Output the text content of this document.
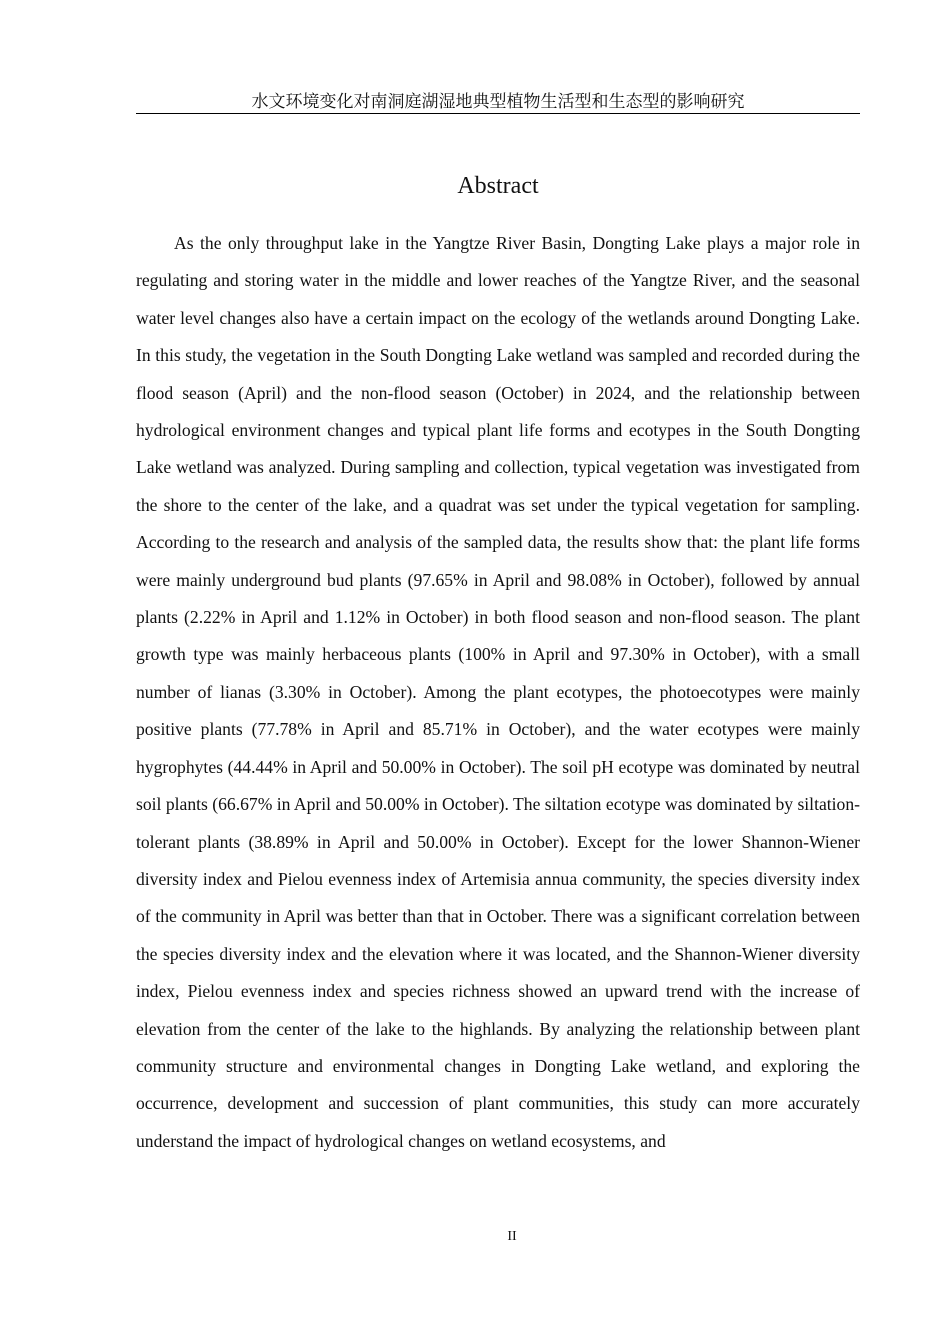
水文环境变化对南洞庭湖湿地典型植物生活型和生态型的影响研究
Abstract

As the only throughput lake in the Yangtze River Basin, Dongting Lake plays a major role in regulating and storing water in the middle and lower reaches of the Yangtze River, and the seasonal water level changes also have a certain impact on the ecology of the wetlands around Dongting Lake. In this study, the vegetation in the South Dongting Lake wetland was sampled and recorded during the flood season (April) and the non-flood season (October) in 2024, and the relationship between hydrological environment changes and typical plant life forms and ecotypes in the South Dongting Lake wetland was analyzed. During sampling and collection, typical vegetation was investigated from the shore to the center of the lake, and a quadrat was set under the typical vegetation for sampling. According to the research and analysis of the sampled data, the results show that: the plant life forms were mainly underground bud plants (97.65% in April and 98.08% in October), followed by annual plants (2.22% in April and 1.12% in October) in both flood season and non-flood season. The plant growth type was mainly herbaceous plants (100% in April and 97.30% in October), with a small number of lianas (3.30% in October). Among the plant ecotypes, the photoecotypes were mainly positive plants (77.78% in April and 85.71% in October), and the water ecotypes were mainly hygrophytes (44.44% in April and 50.00% in October). The soil pH ecotype was dominated by neutral soil plants (66.67% in April and 50.00% in October). The siltation ecotype was dominated by siltation-tolerant plants (38.89% in April and 50.00% in October). Except for the lower Shannon-Wiener diversity index and Pielou evenness index of Artemisia annua community, the species diversity index of the community in April was better than that in October. There was a significant correlation between the species diversity index and the elevation where it was located, and the Shannon-Wiener diversity index, Pielou evenness index and species richness showed an upward trend with the increase of elevation from the center of the lake to the highlands. By analyzing the relationship between plant community structure and environmental changes in Dongting Lake wetland, and exploring the occurrence, development and succession of plant communities, this study can more accurately understand the impact of hydrological changes on wetland ecosystems, and

II
